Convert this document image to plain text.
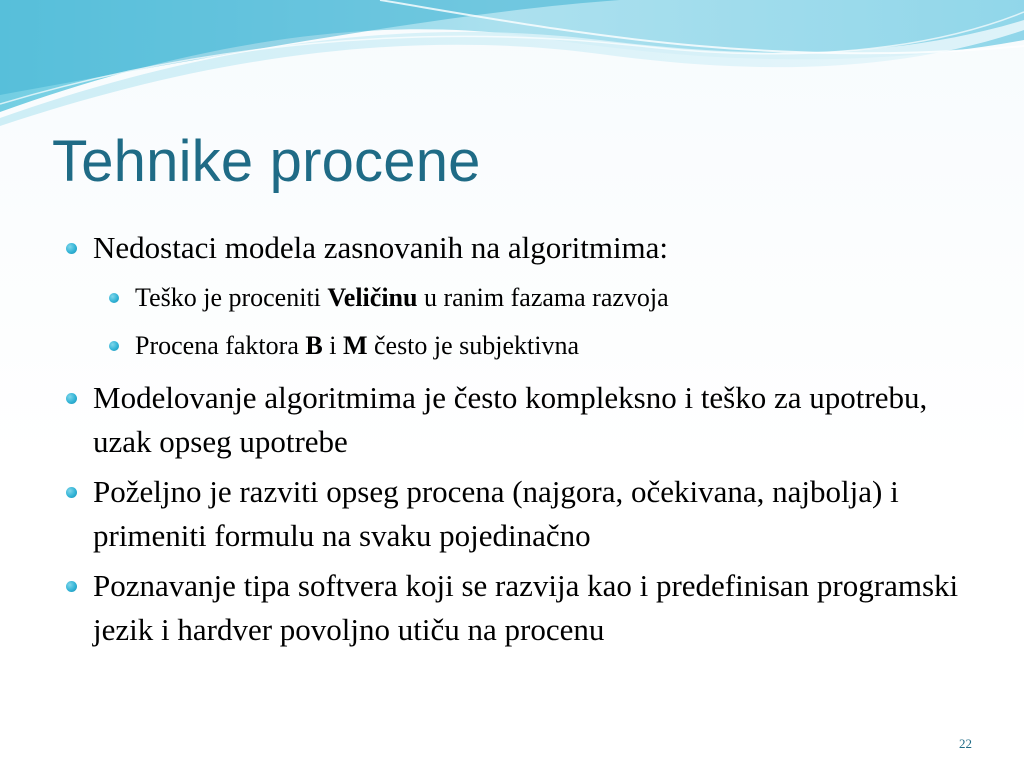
Tehnike procene
Nedostaci modela zasnovanih na algoritmima:
Teško je proceniti Veličinu u ranim fazama razvoja
Procena faktora B i M često je subjektivna
Modelovanje algoritmima je često kompleksno i teško za upotrebu, uzak opseg upotrebe
Poželjno je razviti opseg procena (najgora, očekivana, najbolja) i primeniti formulu na svaku pojedinačno
Poznavanje tipa softvera koji se razvija kao i predefinisan programski jezik i hardver povoljno utiču na procenu
22
